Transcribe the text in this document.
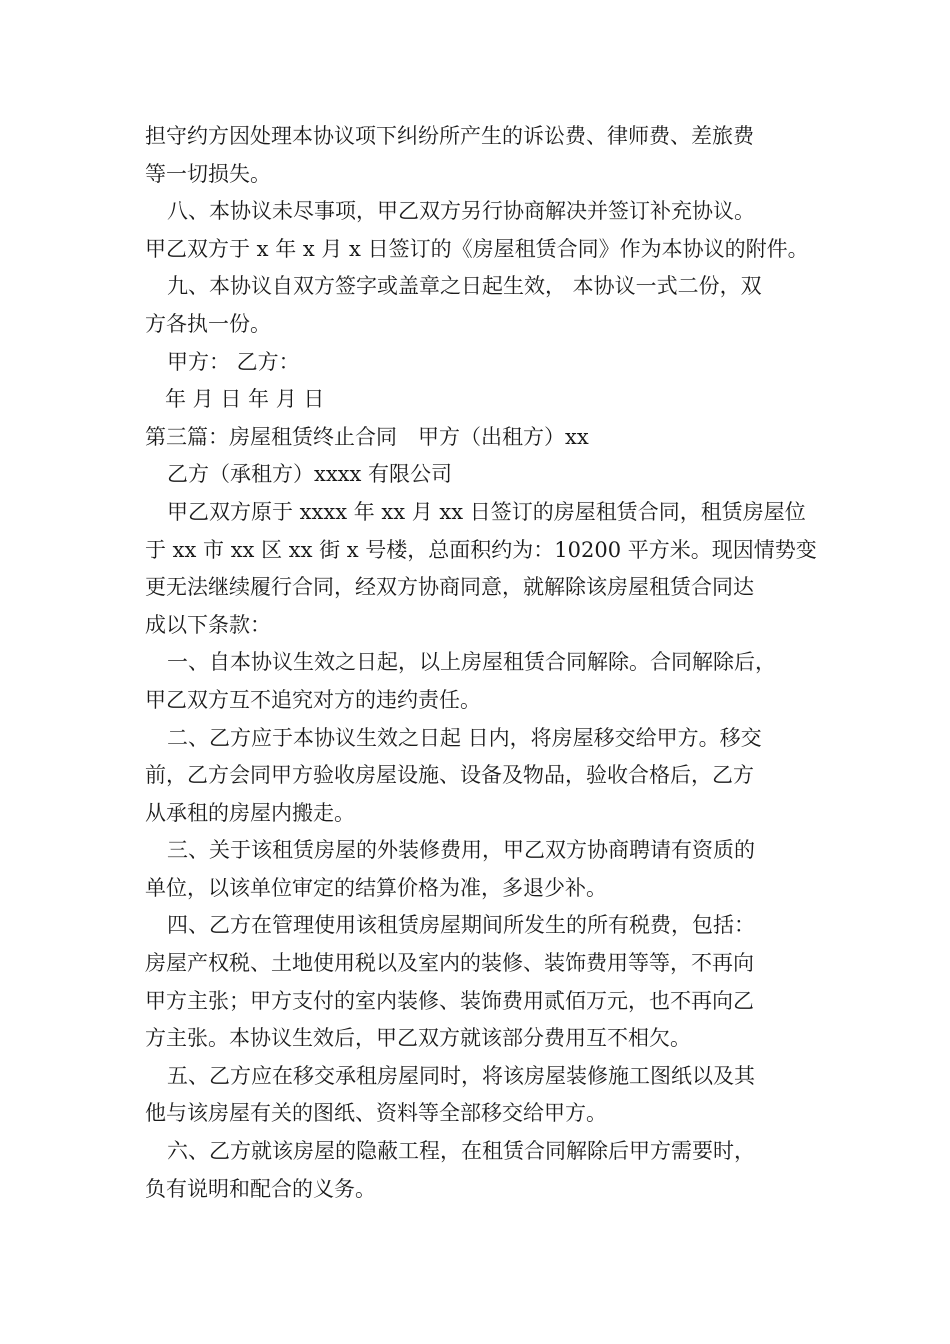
担守约方因处理本协议项下纠纷所产生的诉讼费、律师费、差旅费
等一切损失。
八、本协议未尽事项，甲乙双方另行协商解决并签订补充协议。
甲乙双方于 x 年 x 月 x 日签订的《房屋租赁合同》作为本协议的附件。
九、本协议自双方签字或盖章之日起生效， 本协议一式二份，双
方各执一份。
甲方： 乙方：
年 月 日 年 月 日
第三篇：房屋租赁终止合同　甲方（出租方）xx
乙方（承租方）xxxx 有限公司
甲乙双方原于 xxxx 年 xx 月 xx 日签订的房屋租赁合同，租赁房屋位
于 xx 市 xx 区 xx 街 x 号楼，总面积约为：10200 平方米。现因情势变
更无法继续履行合同，经双方协商同意，就解除该房屋租赁合同达
成以下条款：
一、自本协议生效之日起，以上房屋租赁合同解除。合同解除后，
甲乙双方互不追究对方的违约责任。
二、乙方应于本协议生效之日起 日内，将房屋移交给甲方。移交
前，乙方会同甲方验收房屋设施、设备及物品，验收合格后，乙方
从承租的房屋内搬走。
三、关于该租赁房屋的外装修费用，甲乙双方协商聘请有资质的
单位，以该单位审定的结算价格为准，多退少补。
四、乙方在管理使用该租赁房屋期间所发生的所有税费，包括：
房屋产权税、土地使用税以及室内的装修、装饰费用等等，不再向
甲方主张；甲方支付的室内装修、装饰费用贰佰万元，也不再向乙
方主张。本协议生效后，甲乙双方就该部分费用互不相欠。
五、乙方应在移交承租房屋同时，将该房屋装修施工图纸以及其
他与该房屋有关的图纸、资料等全部移交给甲方。
六、乙方就该房屋的隐蔽工程，在租赁合同解除后甲方需要时，
负有说明和配合的义务。
